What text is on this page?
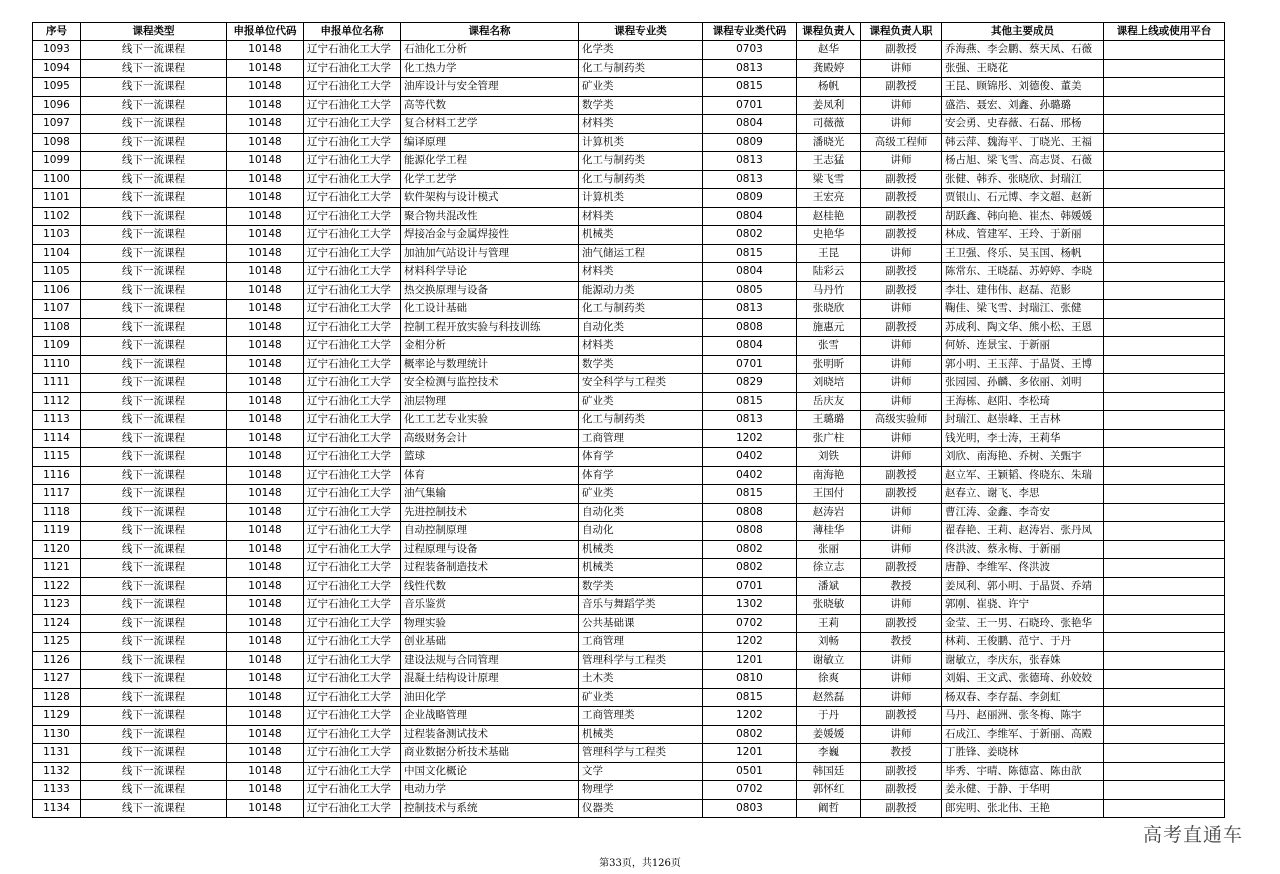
序号	课程类型	申报单位代码	申报单位名称	课程名称	课程专业类	课程专业类代码	课程负责人	课程负责人职	其他主要成员	课程上线或使用平台
1093	线下一流课程	10148	辽宁石油化工大学	石油化工分析	化学类	0703	赵华	副教授	乔海燕、李会鹏、蔡天凤、石薇	
1094	线下一流课程	10148	辽宁石油化工大学	化工热力学	化工与制药类	0813	龚殿婷	讲师	张强、王晓花	
1095	线下一流课程	10148	辽宁石油化工大学	油库设计与安全管理	矿业类	0815	杨帆	副教授	王昆、顾锦彤、刘德俊、董美	
1096	线下一流课程	10148	辽宁石油化工大学	高等代数	数学类	0701	姜凤利	讲师	盛浩、聂宏、刘鑫、孙璐璐	
1097	线下一流课程	10148	辽宁石油化工大学	复合材料工艺学	材料类	0804	司薇薇	讲师	安会勇、史春薇、石磊、邢杨	
1098	线下一流课程	10148	辽宁石油化工大学	编译原理	计算机类	0809	潘晓光	高级工程师	韩云萍、魏海平、丁晓光、王福	
1099	线下一流课程	10148	辽宁石油化工大学	能源化学工程	化工与制药类	0813	王志猛	讲师	杨占旭、梁飞雪、高志贤、石薇	
1100	线下一流课程	10148	辽宁石油化工大学	化学工艺学	化工与制药类	0813	梁飞雪	副教授	张健、韩乔、张晓欣、封瑞江	
1101	线下一流课程	10148	辽宁石油化工大学	软件架构与设计模式	计算机类	0809	王宏亮	副教授	贾银山、石元博、李文超、赵新	
1102	线下一流课程	10148	辽宁石油化工大学	聚合物共混改性	材料类	0804	赵桂艳	副教授	胡跃鑫、韩向艳、崔杰、韩媛媛	
1103	线下一流课程	10148	辽宁石油化工大学	焊接冶金与金属焊接性	机械类	0802	史艳华	副教授	林成、管建军、王玲、于新丽	
1104	线下一流课程	10148	辽宁石油化工大学	加油加气站设计与管理	油气储运工程	0815	王昆	讲师	王卫强、佟乐、吴玉国、杨帆	
1105	线下一流课程	10148	辽宁石油化工大学	材料科学导论	材料类	0804	陆彩云	副教授	陈常东、王晓磊、苏婷婷、李晓	
1106	线下一流课程	10148	辽宁石油化工大学	热交换原理与设备	能源动力类	0805	马丹竹	副教授	李壮、建伟伟、赵磊、范影	
1107	线下一流课程	10148	辽宁石油化工大学	化工设计基础	化工与制药类	0813	张晓欣	讲师	鞠佳、梁飞雪、封瑞江、张健	
1108	线下一流课程	10148	辽宁石油化工大学	控制工程开放实验与科技训练	自动化类	0808	施惠元	副教授	苏成利、陶文华、熊小松、王恩	
1109	线下一流课程	10148	辽宁石油化工大学	金相分析	材料类	0804	张雪	讲师	何娇、连景宝、于新丽	
1110	线下一流课程	10148	辽宁石油化工大学	概率论与数理统计	数学类	0701	张明昕	讲师	郭小明、王玉萍、于晶贤、王博	
1111	线下一流课程	10148	辽宁石油化工大学	安全检测与监控技术	安全科学与工程类	0829	刘晓培	讲师	张园园、孙麟、多依丽、刘明	
1112	线下一流课程	10148	辽宁石油化工大学	油层物理	矿业类	0815	岳庆友	讲师	王海栋、赵阳、李松琦	
1113	线下一流课程	10148	辽宁石油化工大学	化工工艺专业实验	化工与制药类	0813	王璐璐	高级实验师	封瑞江、赵崇峰、王吉林	
1114	线下一流课程	10148	辽宁石油化工大学	高级财务会计	工商管理	1202	张广柱	讲师	钱光明，李士涛，王莉华	
1115	线下一流课程	10148	辽宁石油化工大学	篮球	体育学	0402	刘铁	讲师	刘欣、南海艳、乔树、关甄宇	
1116	线下一流课程	10148	辽宁石油化工大学	体育	体育学	0402	南海艳	副教授	赵立军、王颖韬、佟晓东、朱瑞	
1117	线下一流课程	10148	辽宁石油化工大学	油气集输	矿业类	0815	王国付	副教授	赵春立、谢飞、李思	
1118	线下一流课程	10148	辽宁石油化工大学	先进控制技术	自动化类	0808	赵涛岩	讲师	曹江涛、金鑫、李奇安	
1119	线下一流课程	10148	辽宁石油化工大学	自动控制原理	自动化	0808	薄桂华	讲师	翟春艳、王莉、赵涛岩、张丹凤	
1120	线下一流课程	10148	辽宁石油化工大学	过程原理与设备	机械类	0802	张丽	讲师	佟洪波、蔡永梅、于新丽	
1121	线下一流课程	10148	辽宁石油化工大学	过程装备制造技术	机械类	0802	徐立志	副教授	唐静、李维军、佟洪波	
1122	线下一流课程	10148	辽宁石油化工大学	线性代数	数学类	0701	潘斌	教授	姜凤利、郭小明、于晶贤、乔靖	
1123	线下一流课程	10148	辽宁石油化工大学	音乐鉴赏	音乐与舞蹈学类	1302	张晓敏	讲师	郭刚、崔骁、许宁	
1124	线下一流课程	10148	辽宁石油化工大学	物理实验	公共基础课	0702	王莉	副教授	金莹、王一男、石晓玲、张艳华	
1125	线下一流课程	10148	辽宁石油化工大学	创业基础	工商管理	1202	刘畅	教授	林莉、王俊鹏、范宁、于丹	
1126	线下一流课程	10148	辽宁石油化工大学	建设法规与合同管理	管理科学与工程类	1201	谢敏立	讲师	谢敏立，李庆东，张春姝	
1127	线下一流课程	10148	辽宁石油化工大学	混凝土结构设计原理	土木类	0810	徐爽	讲师	刘娟、王文武、张德琦、孙姣姣	
1128	线下一流课程	10148	辽宁石油化工大学	油田化学	矿业类	0815	赵然磊	讲师	杨双春、李存磊、李剑虹	
1129	线下一流课程	10148	辽宁石油化工大学	企业战略管理	工商管理类	1202	于丹	副教授	马丹、赵丽洲、张冬梅、陈宇	
1130	线下一流课程	10148	辽宁石油化工大学	过程装备测试技术	机械类	0802	姜媛媛	讲师	石成江、李维军、于新丽、高殿	
1131	线下一流课程	10148	辽宁石油化工大学	商业数据分析技术基础	管理科学与工程类	1201	李巍	教授	丁胜锋、姜晓林	
1132	线下一流课程	10148	辽宁石油化工大学	中国文化概论	文学	0501	韩国廷	副教授	毕秀、宇晴、陈德富、陈由歆	
1133	线下一流课程	10148	辽宁石油化工大学	电动力学	物理学	0702	郭怀红	副教授	姜永健、于静、于华明	
1134	线下一流课程	10148	辽宁石油化工大学	控制技术与系统	仪器类	0803	阚哲	副教授	郎宪明、张北伟、王艳	
高考直通车
第33页，共126页
